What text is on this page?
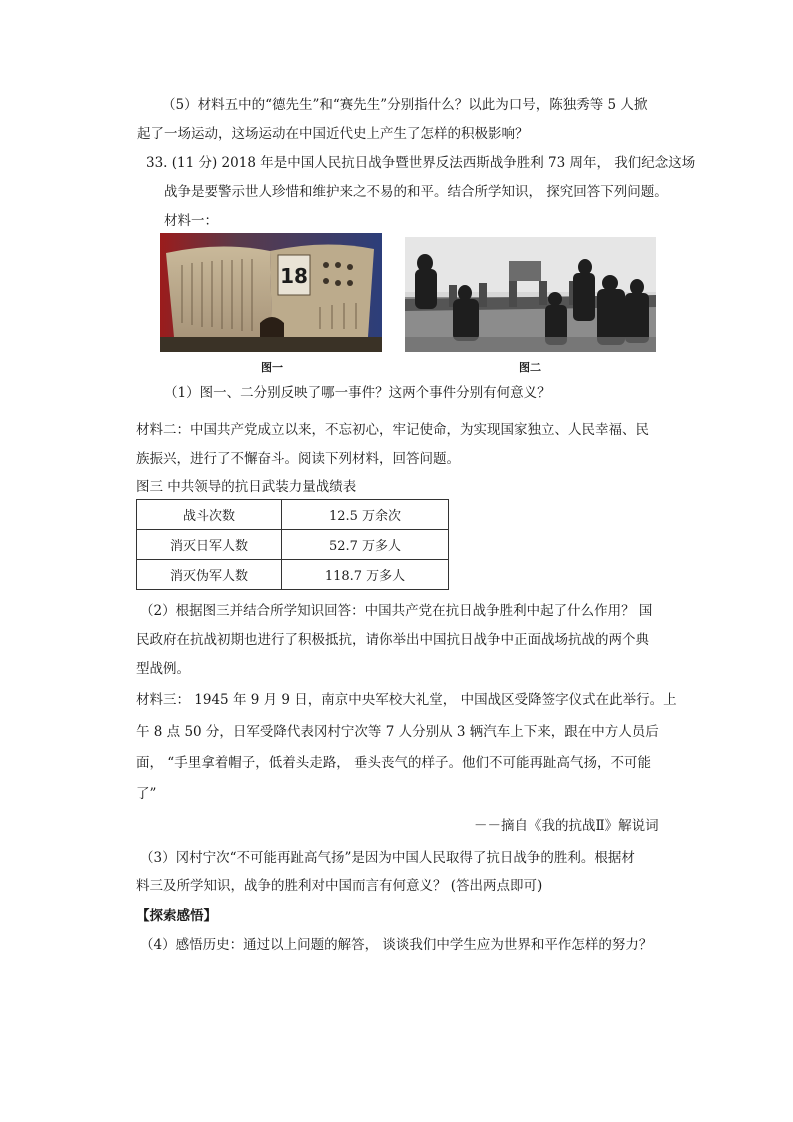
（5）材料五中的“德先生”和“赛先生”分别指什么？以此为口号，陈独秀等 5 人掀
起了一场运动，这场运动在中国近代史上产生了怎样的积极影响？
33. (11 分) 2018 年是中国人民抗日战争暨世界反法西斯战争胜利 73 周年， 我们纪念这场
战争是要警示世人珍惜和维护来之不易的和平。结合所学知识， 探究回答下列问题。
材料一：
18
图一	图二
（1）图一、二分别反映了哪一事件？这两个事件分别有何意义？
材料二：中国共产党成立以来，不忘初心，牢记使命，为实现国家独立、人民幸福、民
族振兴，进行了不懈奋斗。阅读下列材料，回答问题。
图三 中共领导的抗日武装力量战绩表
战斗次数	12.5 万余次
消灭日军人数	52.7 万多人
消灭伪军人数	118.7 万多人
（2）根据图三并结合所学知识回答：中国共产党在抗日战争胜利中起了什么作用？ 国
民政府在抗战初期也进行了积极抵抗，请你举出中国抗日战争中正面战场抗战的两个典
型战例。
材料三： 1945 年 9 月 9 日，南京中央军校大礼堂， 中国战区受降签字仪式在此举行。上
午 8 点 50 分，日军受降代表冈村宁次等 7 人分别从 3 辆汽车上下来，跟在中方人员后
面， “手里拿着帽子，低着头走路， 垂头丧气的样子。他们不可能再趾高气扬，不可能
了”
－－摘自《我的抗战Ⅱ》解说词
（3）冈村宁次“不可能再趾高气扬”是因为中国人民取得了抗日战争的胜利。根据材
料三及所学知识，战争的胜利对中国而言有何意义？ (答出两点即可)
【探索感悟】
（4）感悟历史：通过以上问题的解答， 谈谈我们中学生应为世界和平作怎样的努力？
